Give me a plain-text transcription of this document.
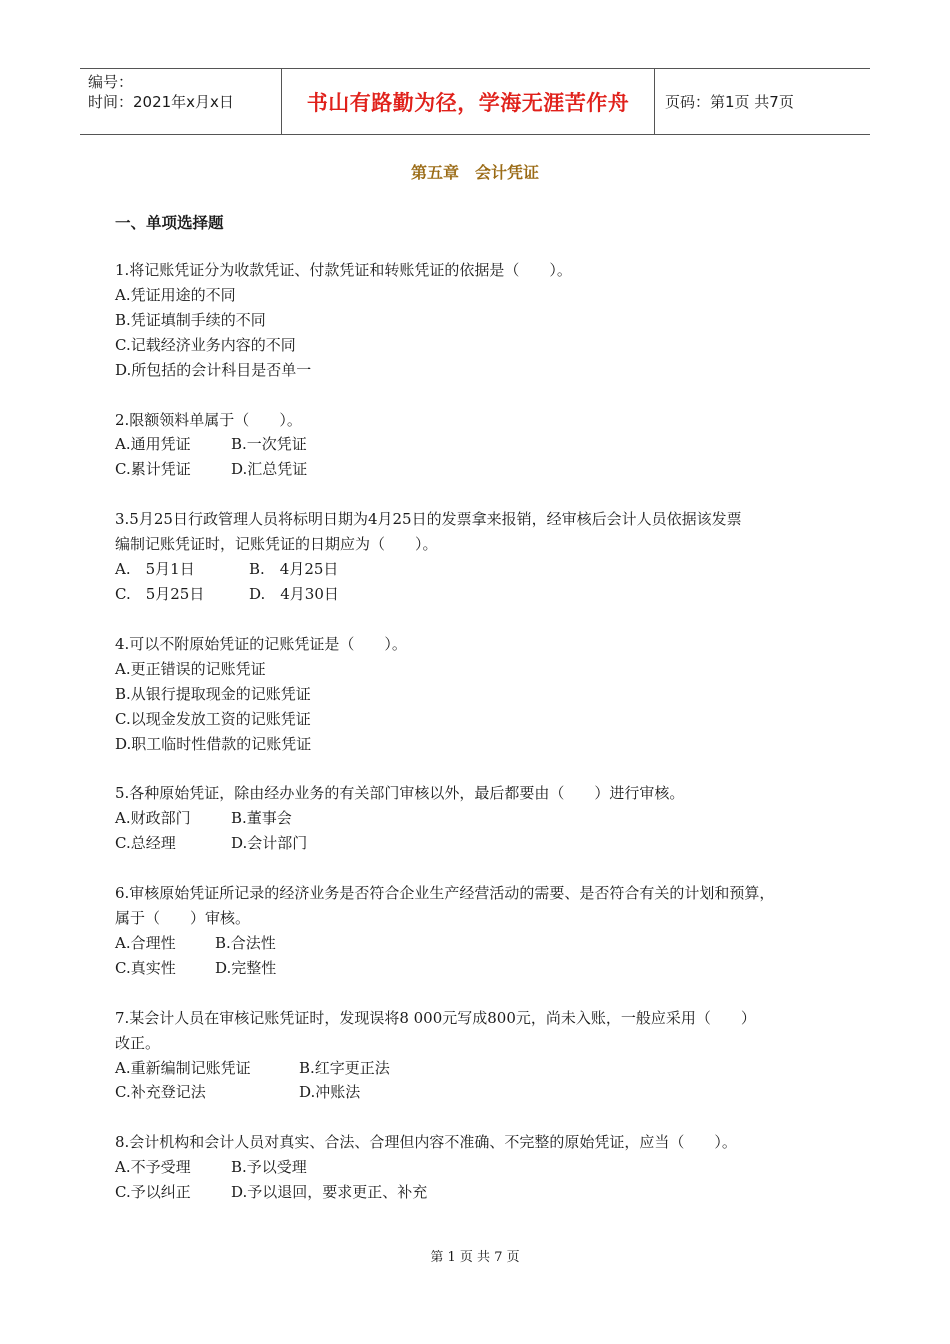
编号：
时间：2021年x月x日	书山有路勤为径，学海无涯苦作舟	页码：第1页 共7页
第五章　会计凭证
一、单项选择题
1.将记账凭证分为收款凭证、付款凭证和转账凭证的依据是（　　）。
A.凭证用途的不同
B.凭证填制手续的不同
C.记载经济业务内容的不同
D.所包括的会计科目是否单一
2.限额领料单属于（　　）。
A.通用凭证	B.一次凭证
C.累计凭证	D.汇总凭证
3.5月25日行政管理人员将标明日期为4月25日的发票拿来报销，经审核后会计人员依据该发票
编制记账凭证时，记账凭证的日期应为（　　）。
A.　5月1日	B.　4月25日
C.　5月25日	D.　4月30日
4.可以不附原始凭证的记账凭证是（　　）。
A.更正错误的记账凭证
B.从银行提取现金的记账凭证
C.以现金发放工资的记账凭证
D.职工临时性借款的记账凭证
5.各种原始凭证，除由经办业务的有关部门审核以外，最后都要由（　　）进行审核。
A.财政部门	B.董事会
C.总经理	D.会计部门
6.审核原始凭证所记录的经济业务是否符合企业生产经营活动的需要、是否符合有关的计划和预算，
属于（　　）审核。
A.合理性	B.合法性
C.真实性	D.完整性
7.某会计人员在审核记账凭证时，发现误将8 000元写成800元，尚未入账，一般应采用（　　）
改正。
A.重新编制记账凭证	B.红字更正法
C.补充登记法	D.冲账法
8.会计机构和会计人员对真实、合法、合理但内容不准确、不完整的原始凭证，应当（　　）。
A.不予受理	B.予以受理
C.予以纠正	D.予以退回，要求更正、补充
第 1 页 共 7 页
